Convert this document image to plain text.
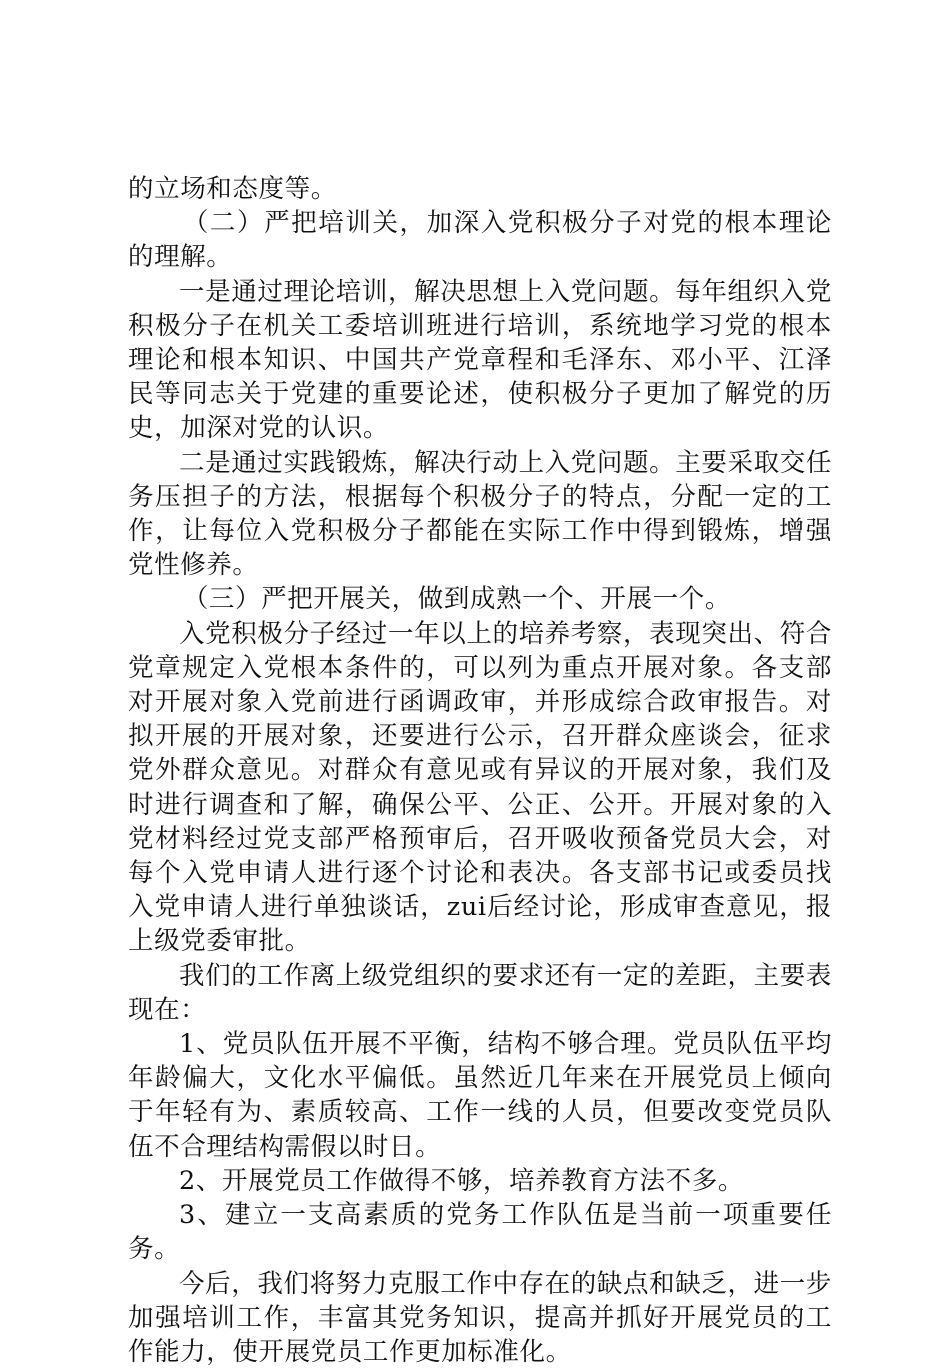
的立场和态度等。

（二）严把培训关，加深入党积极分子对党的根本理论的理解。

一是通过理论培训，解决思想上入党问题。每年组织入党积极分子在机关工委培训班进行培训，系统地学习党的根本理论和根本知识、中国共产党章程和毛泽东、邓小平、江泽民等同志关于党建的重要论述，使积极分子更加了解党的历史，加深对党的认识。

二是通过实践锻炼，解决行动上入党问题。主要采取交任务压担子的方法，根据每个积极分子的特点，分配一定的工作，让每位入党积极分子都能在实际工作中得到锻炼，增强党性修养。

（三）严把开展关，做到成熟一个、开展一个。

入党积极分子经过一年以上的培养考察，表现突出、符合党章规定入党根本条件的，可以列为重点开展对象。各支部对开展对象入党前进行函调政审，并形成综合政审报告。对拟开展的开展对象，还要进行公示，召开群众座谈会，征求党外群众意见。对群众有意见或有异议的开展对象，我们及时进行调查和了解，确保公平、公正、公开。开展对象的入党材料经过党支部严格预审后，召开吸收预备党员大会，对每个入党申请人进行逐个讨论和表决。各支部书记或委员找入党申请人进行单独谈话，zui后经讨论，形成审查意见，报上级党委审批。

我们的工作离上级党组织的要求还有一定的差距，主要表现在：

1、党员队伍开展不平衡，结构不够合理。党员队伍平均年龄偏大，文化水平偏低。虽然近几年来在开展党员上倾向于年轻有为、素质较高、工作一线的人员，但要改变党员队伍不合理结构需假以时日。

2、开展党员工作做得不够，培养教育方法不多。

3、建立一支高素质的党务工作队伍是当前一项重要任务。

今后，我们将努力克服工作中存在的缺点和缺乏，进一步加强培训工作，丰富其党务知识，提高并抓好开展党员的工作能力，使开展党员工作更加标准化。
